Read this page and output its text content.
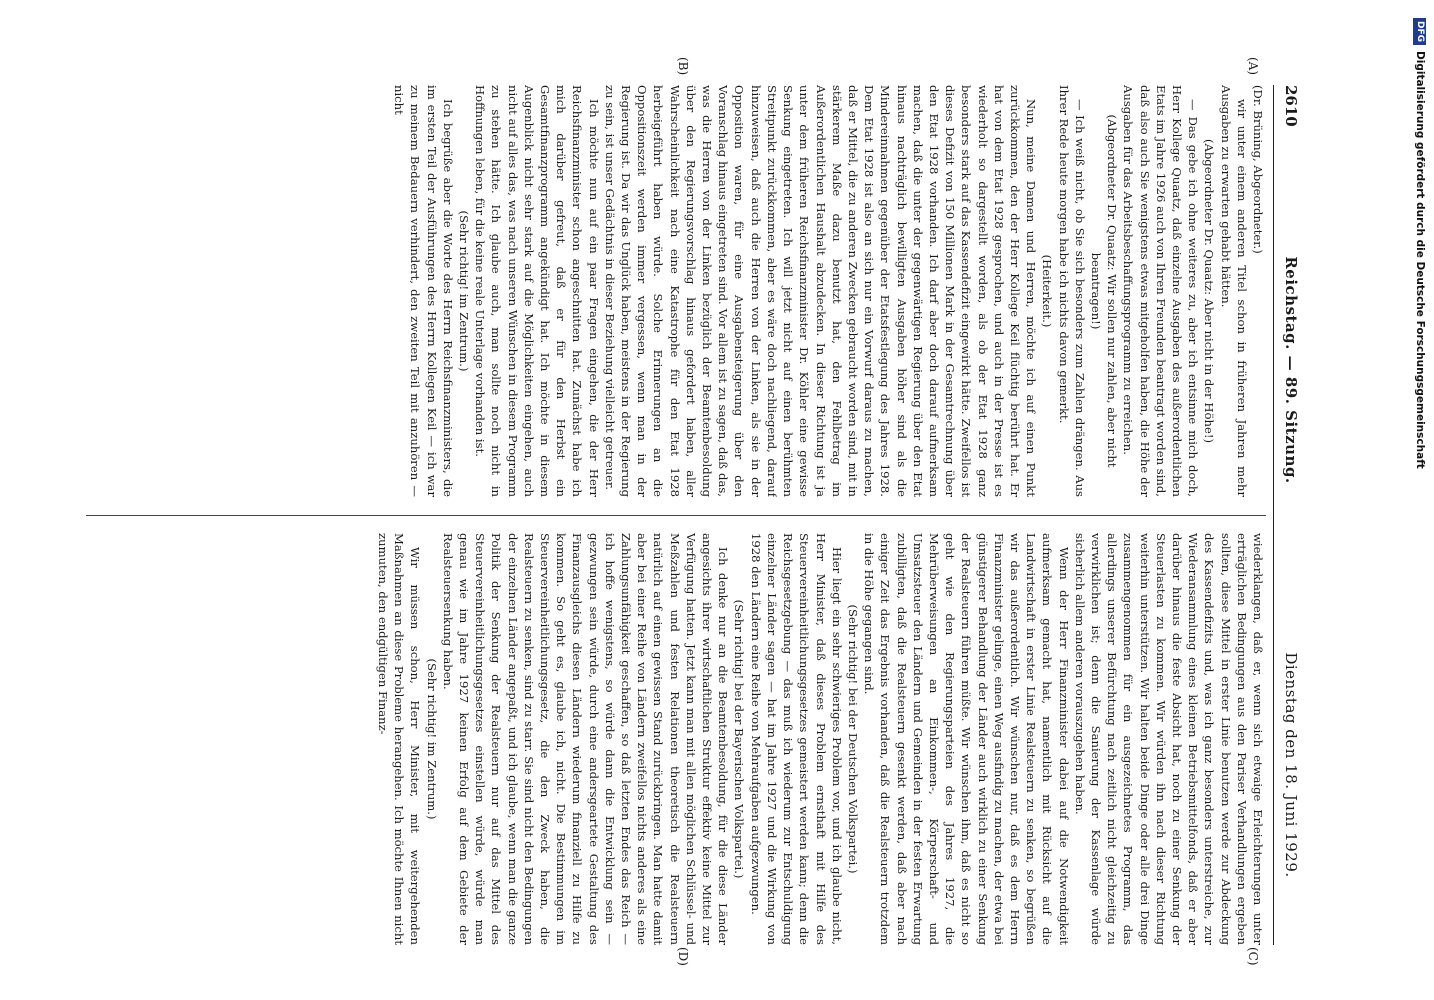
2610
Reichstag. — 89. Sitzung.
Dienstag den 18. Juni 1929.

(Dr. Brüning, Abgeordneter.)

wir unter einem anderen Titel schon in früheren Jahren mehr Ausgaben zu erwarten gehabt hätten.

(Abgeordneter Dr. Quaatz: Aber nicht in der Höhe!)

— Das gebe ich ohne weiteres zu, aber ich entsinne mich doch, Herr Kollege Quaatz, daß einzelne Ausgaben des außerordentlichen Etats im Jahre 1926 auch von Ihren Freunden beantragt worden sind, daß also auch Sie wenigstens etwas mitgeholfen haben, die Höhe der Ausgaben für das Arbeitsbeschaffungsprogramm zu erreichen.

(Abgeordneter Dr. Quaatz: Wir sollen nur zahlen, aber nicht beantragen!)

— Ich weiß nicht, ob Sie sich besonders zum Zahlen drängen. Aus Ihrer Rede heute morgen habe ich nichts davon gemerkt.

(Heiterkeit.)

Nun, meine Damen und Herren, möchte ich auf einen Punkt zurückkommen, den der Herr Kollege Keil flüchtig berührt hat. Er hat von dem Etat 1928 gesprochen, und auch in der Presse ist es wiederholt so dargestellt worden, als ob der Etat 1928 ganz besonders stark auf das Kassendefizit eingewirkt hätte. Zweifellos ist dieses Defizit von 150 Millionen Mark in der Gesamtrechnung über den Etat 1928 vorhanden. Ich darf aber doch darauf aufmerksam machen, daß die unter der gegenwärtigen Regierung über den Etat hinaus nachträglich bewilligten Ausgaben höher sind als die Mindereinnahmen gegenüber der Etatsfestlegung des Jahres 1928. Dem Etat 1928 ist also an sich nur ein Vorwurf daraus zu machen, daß er Mittel, die zu anderen Zwecken gebraucht worden sind, mit in stärkerem Maße dazu benutzt hat, den Fehlbetrag im Außerordentlichen Haushalt abzudecken. In dieser Richtung ist ja unter dem früheren Reichsfinanzminister Dr. Köhler eine gewisse Senkung eingetreten. Ich will jetzt nicht auf einen berühmten Streitpunkt zurückkommen, aber es wäre doch nachliegend, darauf hinzuweisen, daß auch die Herren von der Linken, als sie in der Opposition waren, für eine Ausgabensteigerung über den Voranschlag hinaus eingetreten sind. Vor allem ist zu sagen, daß das, was die Herren von der Linken bezüglich der Beamtenbesoldung über den Regierungsvorschlag hinaus gefordert haben, aller Wahrscheinlichkeit nach eine Katastrophe für den Etat 1928 herbeigeführt haben würde. Solche Erinnerungen an die Oppositionszeit werden immer vergessen, wenn man in der Regierung ist. Da wir das Unglück haben, meistens in der Regierung zu sein, ist unser Gedächtnis in dieser Beziehung vielleicht getreuer.

Ich möchte nun auf ein paar Fragen eingehen, die der Herr Reichsfinanzminister schon angeschnitten hat. Zunächst habe ich mich darüber gefreut, daß er für den Herbst ein Gesamtfinanzprogramm angekündigt hat. Ich möchte in diesem Augenblick nicht sehr stark auf die Möglichkeiten eingehen, auch nicht auf alles das, was nach unseren Wünschen in diesem Programm zu stehen hätte. Ich glaube auch, man sollte noch nicht in Hoffnungen leben, für die keine reale Unterlage vorhanden ist.

(Sehr richtig! im Zentrum.)

Ich begrüße aber die Worte des Herrn Reichsfinanzministers, die im ersten Teil der Ausführungen des Herrn Kollegen Keil — ich war zu meinem Bedauern verhindert, den zweiten Teil mit anzuhören — nicht

wiederklangen, daß er, wenn sich etwaige Erleichterungen unter erträglichen Bedingungen aus den Pariser Verhandlungen ergeben sollten, diese Mittel in erster Linie benutzen werde zur Abdeckung des Kassendefizits und, was ich ganz besonders unterstreiche, zur Wiederansammlung eines kleinen Betriebsmittelfonds, daß er aber darüber hinaus die feste Absicht hat, noch zu einer Senkung der Steuerlasten zu kommen. Wir würden ihn nach dieser Richtung weiterhin unterstützen. Wir halten beide Dinge oder alle drei Dinge zusammengenommen für ein ausgezeichnetes Programm, das allerdings unserer Befürchtung nach zeitlich nicht gleichzeitig zu verwirklichen ist; denn die Sanierung der Kassenlage würde sicherlich allem anderen vorauszugehen haben.

Wenn der Herr Finanzminister dabei auf die Notwendigkeit aufmerksam gemacht hat, namentlich mit Rücksicht auf die Landwirtschaft in erster Linie Realsteuern zu senken, so begrüßen wir das außerordentlich. Wir wünschen nur, daß es dem Herrn Finanzminister gelinge, einen Weg ausfindig zu machen, der etwa bei günstigerer Behandlung der Länder auch wirklich zu einer Senkung der Realsteuern führen müßte. Wir wünschen ihm, daß es nicht so geht wie den Regierungsparteien des Jahres 1927, die Mehrüberweisungen an Einkommen-, Körperschaft- und Umsatzsteuer den Ländern und Gemeinden in der festen Erwartung zubilligten, daß die Realsteuern gesenkt werden, daß aber nach einiger Zeit das Ergebnis vorhanden, daß die Realsteuern trotzdem in die Höhe gegangen sind.

(Sehr richtig! bei der Deutschen Volkspartei.)

Hier liegt ein sehr schwieriges Problem vor, und ich glaube nicht, Herr Minister, daß dieses Problem ernsthaft mit Hilfe des Steuervereinheitlichungsgesetzes gemeistert werden kann; denn die Reichsgesetzgebung — das muß ich wiederum zur Entschuldigung einzelner Länder sagen — hat im Jahre 1927 und die Wirkung von 1928 den Ländern eine Reihe von Mehraufgaben aufgezwungen.

(Sehr richtig! bei der Bayerischen Volkspartei.)

Ich denke nur an die Beamtenbesoldung, für die diese Länder angesichts ihrer wirtschaftlichen Struktur effektiv keine Mittel zur Verfügung hatten. Jetzt kann man mit allen möglichen Schlüssel- und Meßzahlen und festen Relationen theoretisch die Realsteuern natürlich auf einen gewissen Stand zurückbringen. Man hatte damit aber bei einer Reihe von Ländern zweifellos nichts anderes als eine Zahlungsunfähigkeit geschaffen, so daß letzten Endes das Reich — ich hoffe wenigstens, so würde dann die Entwicklung sein — gezwungen sein würde, durch eine andersgeartete Gestaltung des Finanzausgleichs diesen Ländern wiederum finanziell zu Hilfe zu kommen. So geht es, glaube ich, nicht. Die Bestimmungen im Steuervereinheitlichungsgesetz, die den Zweck haben, die Realsteuern zu senken, sind zu starr. Sie sind nicht den Bedingungen der einzelnen Länder angepaßt, und ich glaube, wenn man die ganze Politik der Senkung der Realsteuern nur auf das Mittel des Steuervereinheitlichungsgesetzes einstellen würde, würde man genau wie im Jahre 1927 keinen Erfolg auf dem Gebiete der Realsteuersenkung haben.

(Sehr richtig! im Zentrum.)

Wir müssen schon, Herr Minister, mit weitergehenden Maßnahmen an diese Probleme herangehen. Ich möchte Ihnen nicht zumuten, den endgültigen Finanz-

(A)
(B)
(C)
(D)
DFGDigitalisierung gefördert durch die Deutsche Forschungsgemeinschaft
